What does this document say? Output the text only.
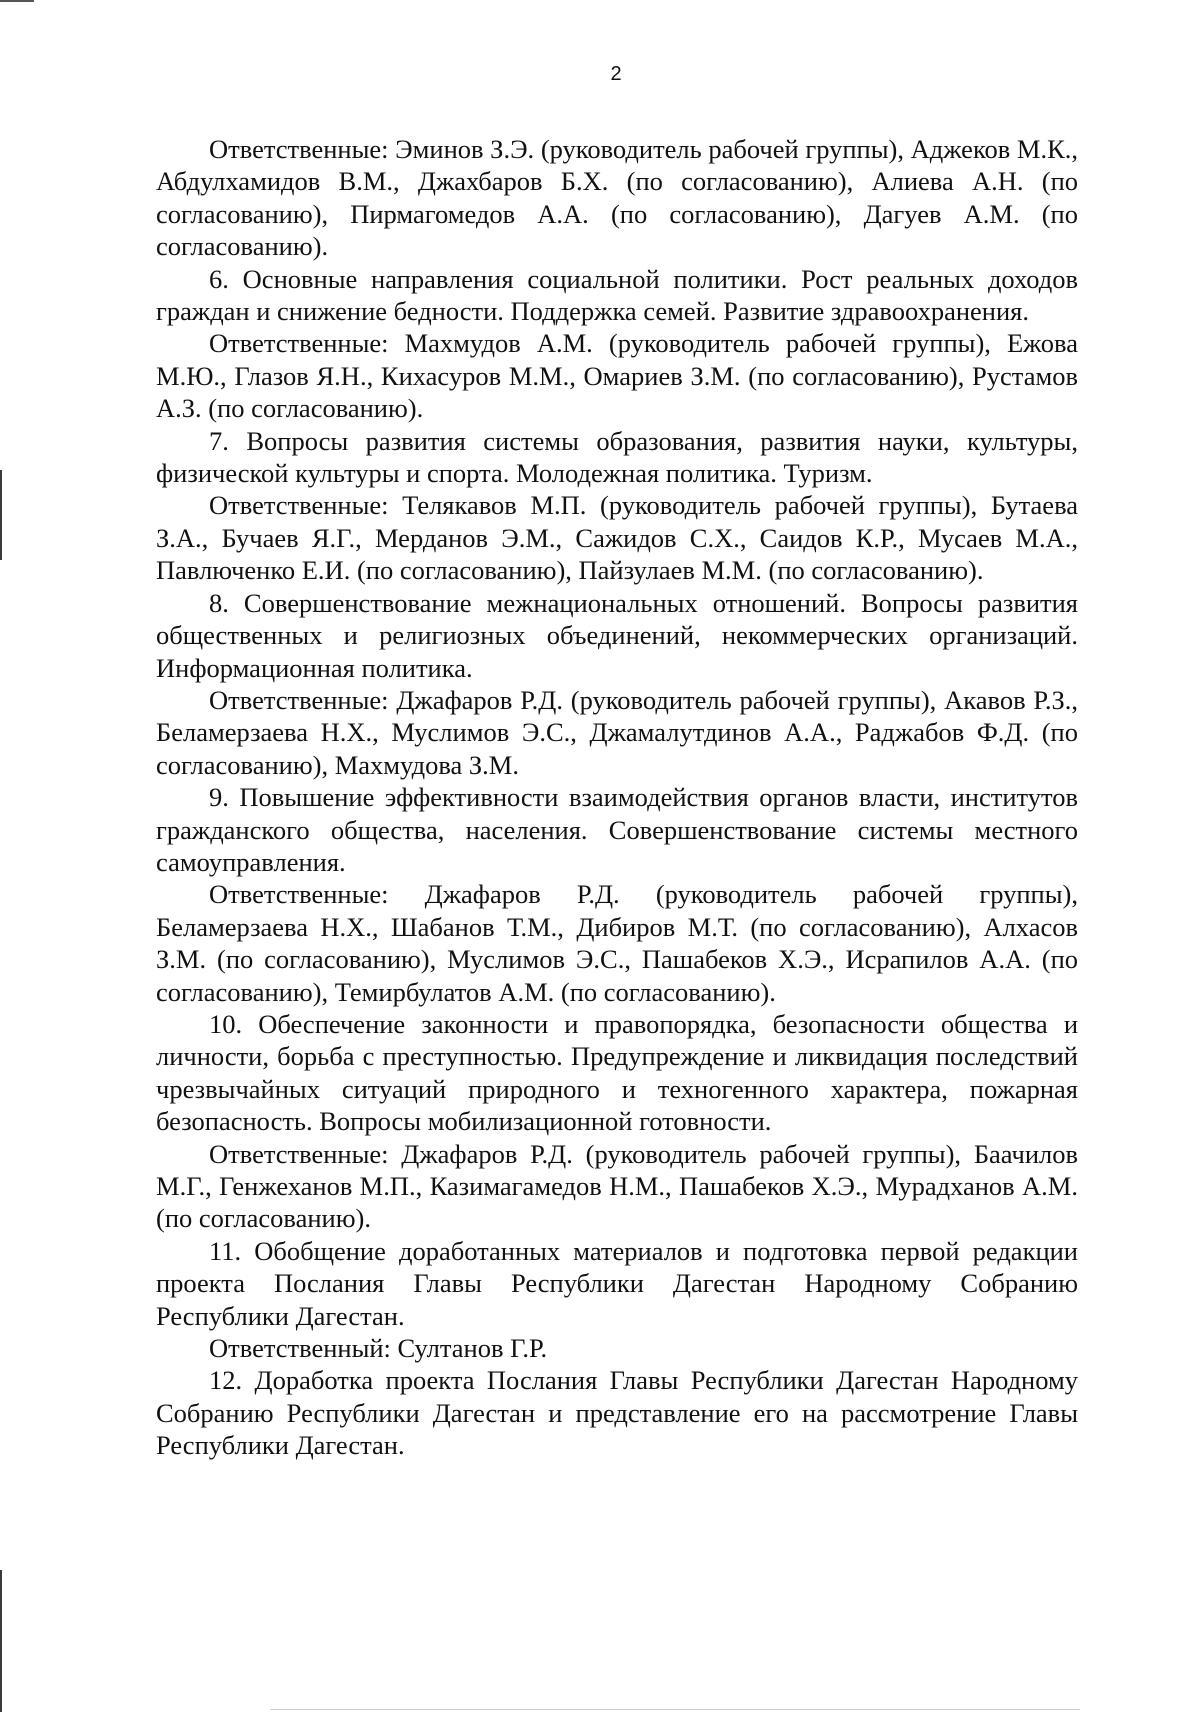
2

Ответственные: Эминов З.Э. (руководитель рабочей группы), Аджеков М.К., Абдулхамидов В.М., Джахбаров Б.Х. (по согласованию), Алиева А.Н. (по согласованию), Пирмагомедов А.А. (по согласованию), Дагуев А.М. (по согласованию).

6. Основные направления социальной политики. Рост реальных доходов граждан и снижение бедности. Поддержка семей. Развитие здравоохранения.

Ответственные: Махмудов А.М. (руководитель рабочей группы), Ежова М.Ю., Глазов Я.Н., Кихасуров М.М., Омариев З.М. (по согласованию), Рустамов А.З. (по согласованию).

7. Вопросы развития системы образования, развития науки, культуры, физической культуры и спорта. Молодежная политика. Туризм.

Ответственные: Телякавов М.П. (руководитель рабочей группы), Бутаева З.А., Бучаев Я.Г., Мерданов Э.М., Сажидов С.Х., Саидов К.Р., Мусаев М.А., Павлюченко Е.И. (по согласованию), Пайзулаев М.М. (по согласованию).

8. Совершенствование межнациональных отношений. Вопросы развития общественных и религиозных объединений, некоммерческих организаций. Информационная политика.

Ответственные: Джафаров Р.Д. (руководитель рабочей группы), Акавов Р.З., Беламерзаева Н.Х., Муслимов Э.С., Джамалутдинов А.А., Раджабов Ф.Д. (по согласованию), Махмудова З.М.

9. Повышение эффективности взаимодействия органов власти, институтов гражданского общества, населения. Совершенствование системы местного самоуправления.

Ответственные: Джафаров Р.Д. (руководитель рабочей группы), Беламерзаева Н.Х., Шабанов Т.М., Дибиров М.Т. (по согласованию), Алхасов З.М. (по согласованию), Муслимов Э.С., Пашабеков Х.Э., Исрапилов А.А. (по согласованию), Темирбулатов А.М. (по согласованию).

10. Обеспечение законности и правопорядка, безопасности общества и личности, борьба с преступностью. Предупреждение и ликвидация последствий чрезвычайных ситуаций природного и техногенного характера, пожарная безопасность. Вопросы мобилизационной готовности.

Ответственные: Джафаров Р.Д. (руководитель рабочей группы), Баачилов М.Г., Генжеханов М.П., Казимагамедов Н.М., Пашабеков Х.Э., Мурадханов А.М. (по согласованию).

11. Обобщение доработанных материалов и подготовка первой редакции проекта Послания Главы Республики Дагестан Народному Собранию Республики Дагестан.

Ответственный: Султанов Г.Р.

12. Доработка проекта Послания Главы Республики Дагестан Народному Собранию Республики Дагестан и представление его на рассмотрение Главы Республики Дагестан.
